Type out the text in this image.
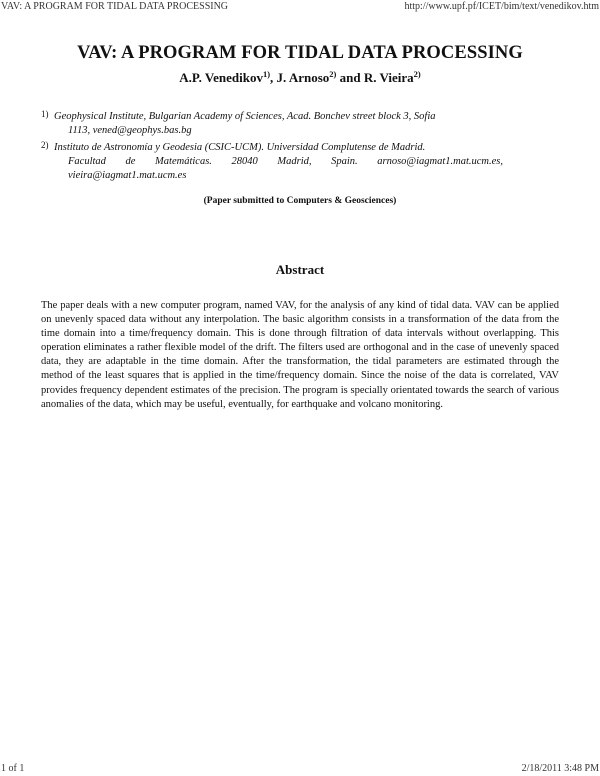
VAV: A PROGRAM FOR TIDAL DATA PROCESSING	http://www.upf.pf/ICET/bim/text/venedikov.htm
VAV: A PROGRAM FOR TIDAL DATA PROCESSING
A.P. Venedikov$^{1)}$, J. Arnoso$^{2)}$ and R. Vieira$^{2)}$
1) Geophysical Institute, Bulgarian Academy of Sciences, Acad. Bonchev street block 3, Sofia
1113, vened@geophys.bas.bg
2) Instituto de Astronomía y Geodesia (CSIC-UCM). Universidad Complutense de Madrid.
Facultad de Matemáticas. 28040 Madrid, Spain. arnoso@iagmat1.mat.ucm.es, vieira@iagmat1.mat.ucm.es
(Paper submitted to Computers & Geosciences)
Abstract

The paper deals with a new computer program, named VAV, for the analysis of any kind of tidal data. VAV can be applied on unevenly spaced data without any interpolation. The basic algorithm consists in a transformation of the data from the time domain into a time/frequency domain. This is done through filtration of data intervals without overlapping. This operation eliminates a rather flexible model of the drift. The filters used are orthogonal and in the case of unevenly spaced data, they are adaptable in the time domain. After the transformation, the tidal parameters are estimated through the method of the least squares that is applied in the time/frequency domain. Since the noise of the data is correlated, VAV provides frequency dependent estimates of the precision. The program is specially orientated towards the search of various anomalies of the data, which may be useful, eventually, for earthquake and volcano monitoring.

1 of 1	2/18/2011 3:48 PM
